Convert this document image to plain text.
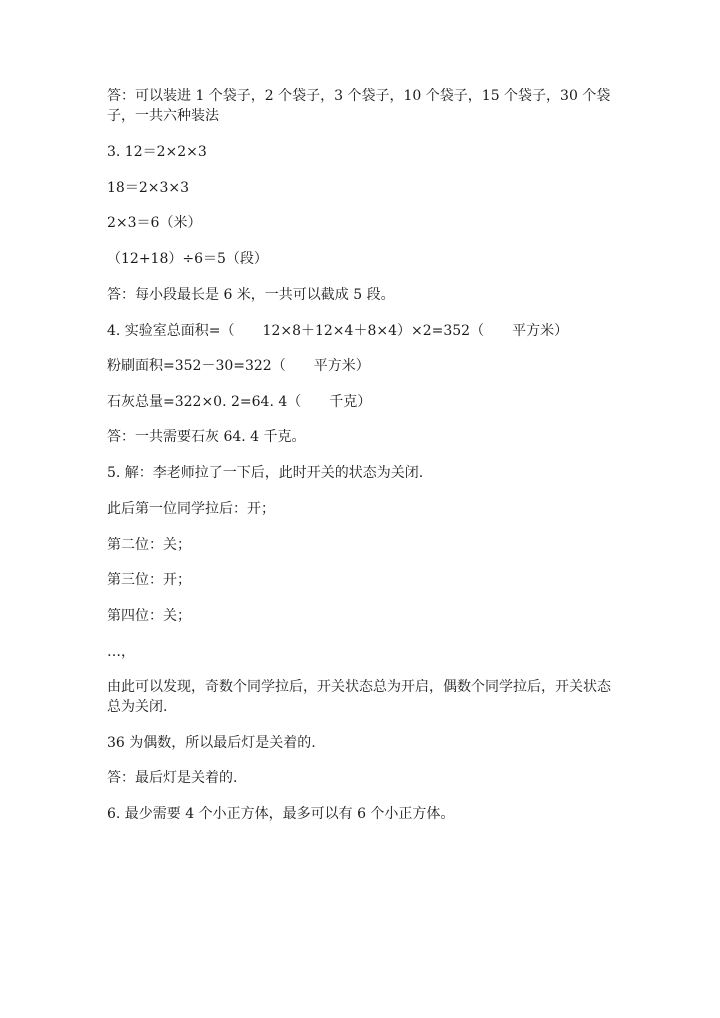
答：可以装进 1 个袋子，2 个袋子，3 个袋子，10 个袋子，15 个袋子，30 个袋子，一共六种装法

3. 12＝2×2×3

18＝2×3×3

2×3＝6（米）

（12+18）÷6＝5（段）

答：每小段最长是 6 米，一共可以截成 5 段。

4. 实验室总面积=（　　12×8＋12×4＋8×4）×2=352（　　平方米）

粉刷面积=352－30=322（　　平方米）

石灰总量=322×0. 2=64. 4（　　千克）

答：一共需要石灰 64. 4 千克。

5. 解：李老师拉了一下后，此时开关的状态为关闭.

此后第一位同学拉后：开；

第二位：关；

第三位：开；

第四位：关；

…，

由此可以发现，奇数个同学拉后，开关状态总为开启，偶数个同学拉后，开关状态总为关闭.

36 为偶数，所以最后灯是关着的.

答：最后灯是关着的.

6. 最少需要 4 个小正方体，最多可以有 6 个小正方体。
